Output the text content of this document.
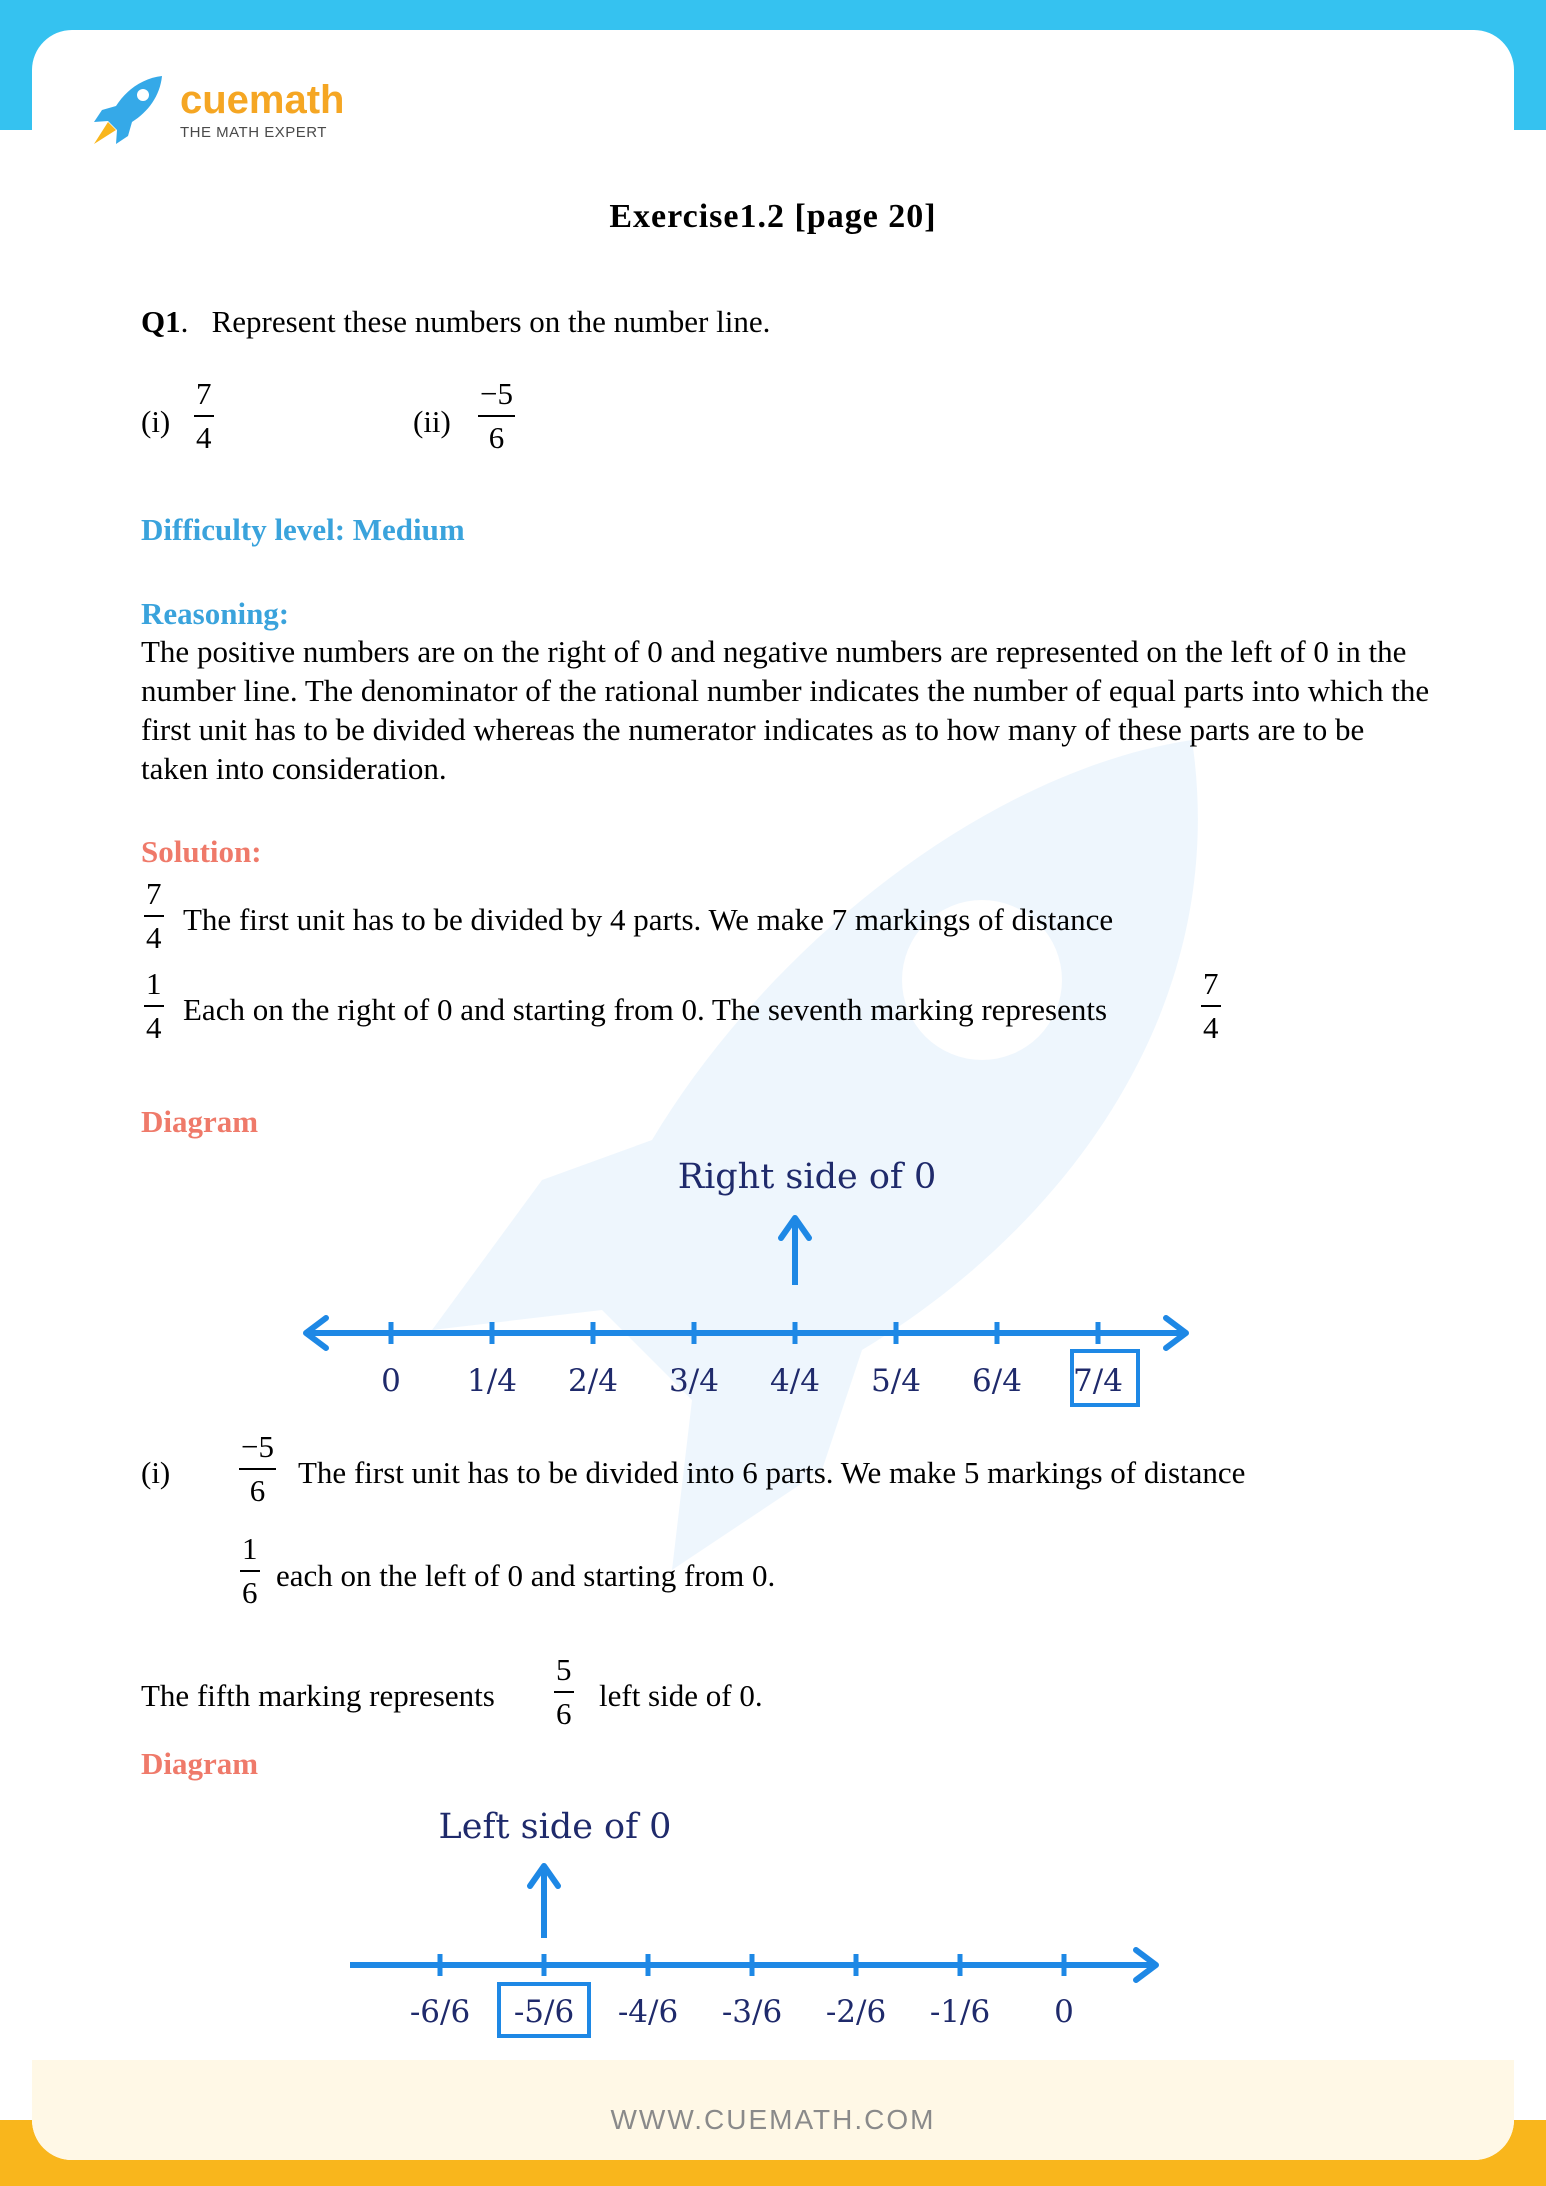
WWW.CUEMATH.COM
cuemath
THE MATH EXPERT
Exercise1.2 [page 20]
Q1.   Represent these numbers on the number line.
(i)
7
4	(ii)
−5
6
Difficulty level: Medium
Reasoning:
The positive numbers are on the right of 0 and negative numbers are represented on the left of 0 in the number line. The denominator of the rational number indicates the number of equal parts into which the first unit has to be divided whereas the numerator indicates as to how many of these parts are to be taken into consideration.
Solution:
7
4
The first unit has to be divided by 4 parts. We make 7 markings of distance
1
4
Each on the right of 0 and starting from 0. The seventh marking represents
7
4
Diagram
Right side of 0
0 1/4 2/4 3/4 4/4 5/4 6/4 7/4
(i)
−5
6
The first unit has to be divided into 6 parts. We make 5 markings of distance
1
6 each on the left of 0 and starting from 0.
The fifth marking represents
5
6
left side of 0.
Diagram
Left side of 0
-6/6 -5/6 -4/6 -3/6 -2/6 -1/6 0
